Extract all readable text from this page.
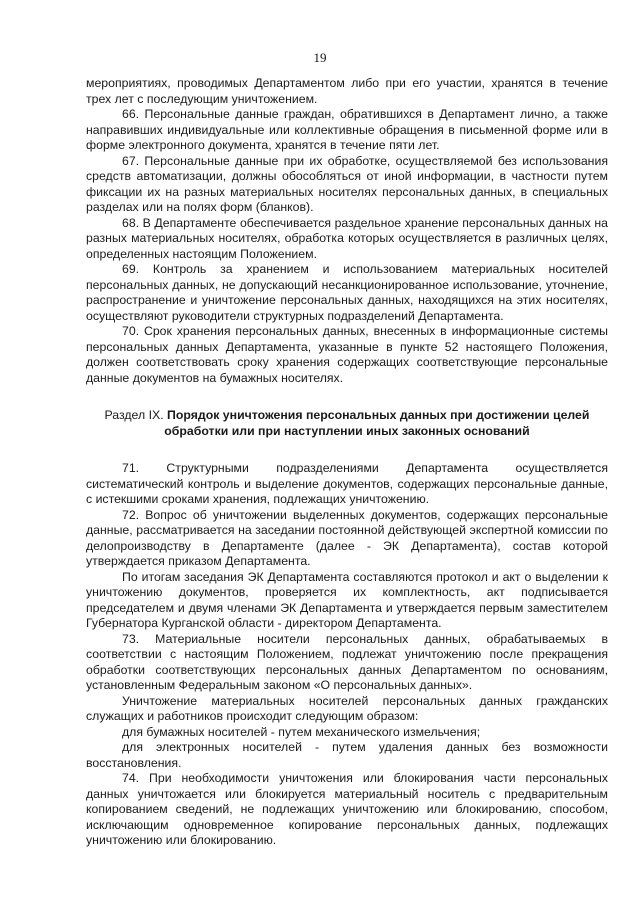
19

мероприятиях, проводимых Департаментом либо при его участии, хранятся в течение трех лет с последующим уничтожением.

66. Персональные данные граждан, обратившихся в Департамент лично, а также направивших индивидуальные или коллективные обращения в письменной форме или в форме электронного документа, хранятся в течение пяти лет.

67. Персональные данные при их обработке, осуществляемой без использования средств автоматизации, должны обособляться от иной информации, в частности путем фиксации их на разных материальных носителях персональных данных, в специальных разделах или на полях форм (бланков).

68. В Департаменте обеспечивается раздельное хранение персональных данных на разных материальных носителях, обработка которых осуществляется в различных целях, определенных настоящим Положением.

69. Контроль за хранением и использованием материальных носителей персональных данных, не допускающий несанкционированное использование, уточнение, распространение и уничтожение персональных данных, находящихся на этих носителях, осуществляют руководители структурных подразделений Департамента.

70. Срок хранения персональных данных, внесенных в информационные системы персональных данных Департамента, указанные в пункте 52 настоящего Положения, должен соответствовать сроку хранения содержащих соответствующие персональные данные документов на бумажных носителях.

Раздел IX. Порядок уничтожения персональных данных при достижении целей обработки или при наступлении иных законных оснований

71. Структурными подразделениями Департамента осуществляется систематический контроль и выделение документов, содержащих персональные данные, с истекшими сроками хранения, подлежащих уничтожению.

72. Вопрос об уничтожении выделенных документов, содержащих персональные данные, рассматривается на заседании постоянной действующей экспертной комиссии по делопроизводству в Департаменте (далее - ЭК Департамента), состав которой утверждается приказом Департамента.

По итогам заседания ЭК Департамента составляются протокол и акт о выделении к уничтожению документов, проверяется их комплектность, акт подписывается председателем и двумя членами ЭК Департамента и утверждается первым заместителем Губернатора Курганской области - директором Департамента.

73. Материальные носители персональных данных, обрабатываемых в соответствии с настоящим Положением, подлежат уничтожению после прекращения обработки соответствующих персональных данных Департаментом по основаниям, установленным Федеральным законом «О персональных данных».

Уничтожение материальных носителей персональных данных гражданских служащих и работников происходит следующим образом:

для бумажных носителей - путем механического измельчения;

для электронных носителей - путем удаления данных без возможности восстановления.

74. При необходимости уничтожения или блокирования части персональных данных уничтожается или блокируется материальный носитель с предварительным копированием сведений, не подлежащих уничтожению или блокированию, способом, исключающим одновременное копирование персональных данных, подлежащих уничтожению или блокированию.
